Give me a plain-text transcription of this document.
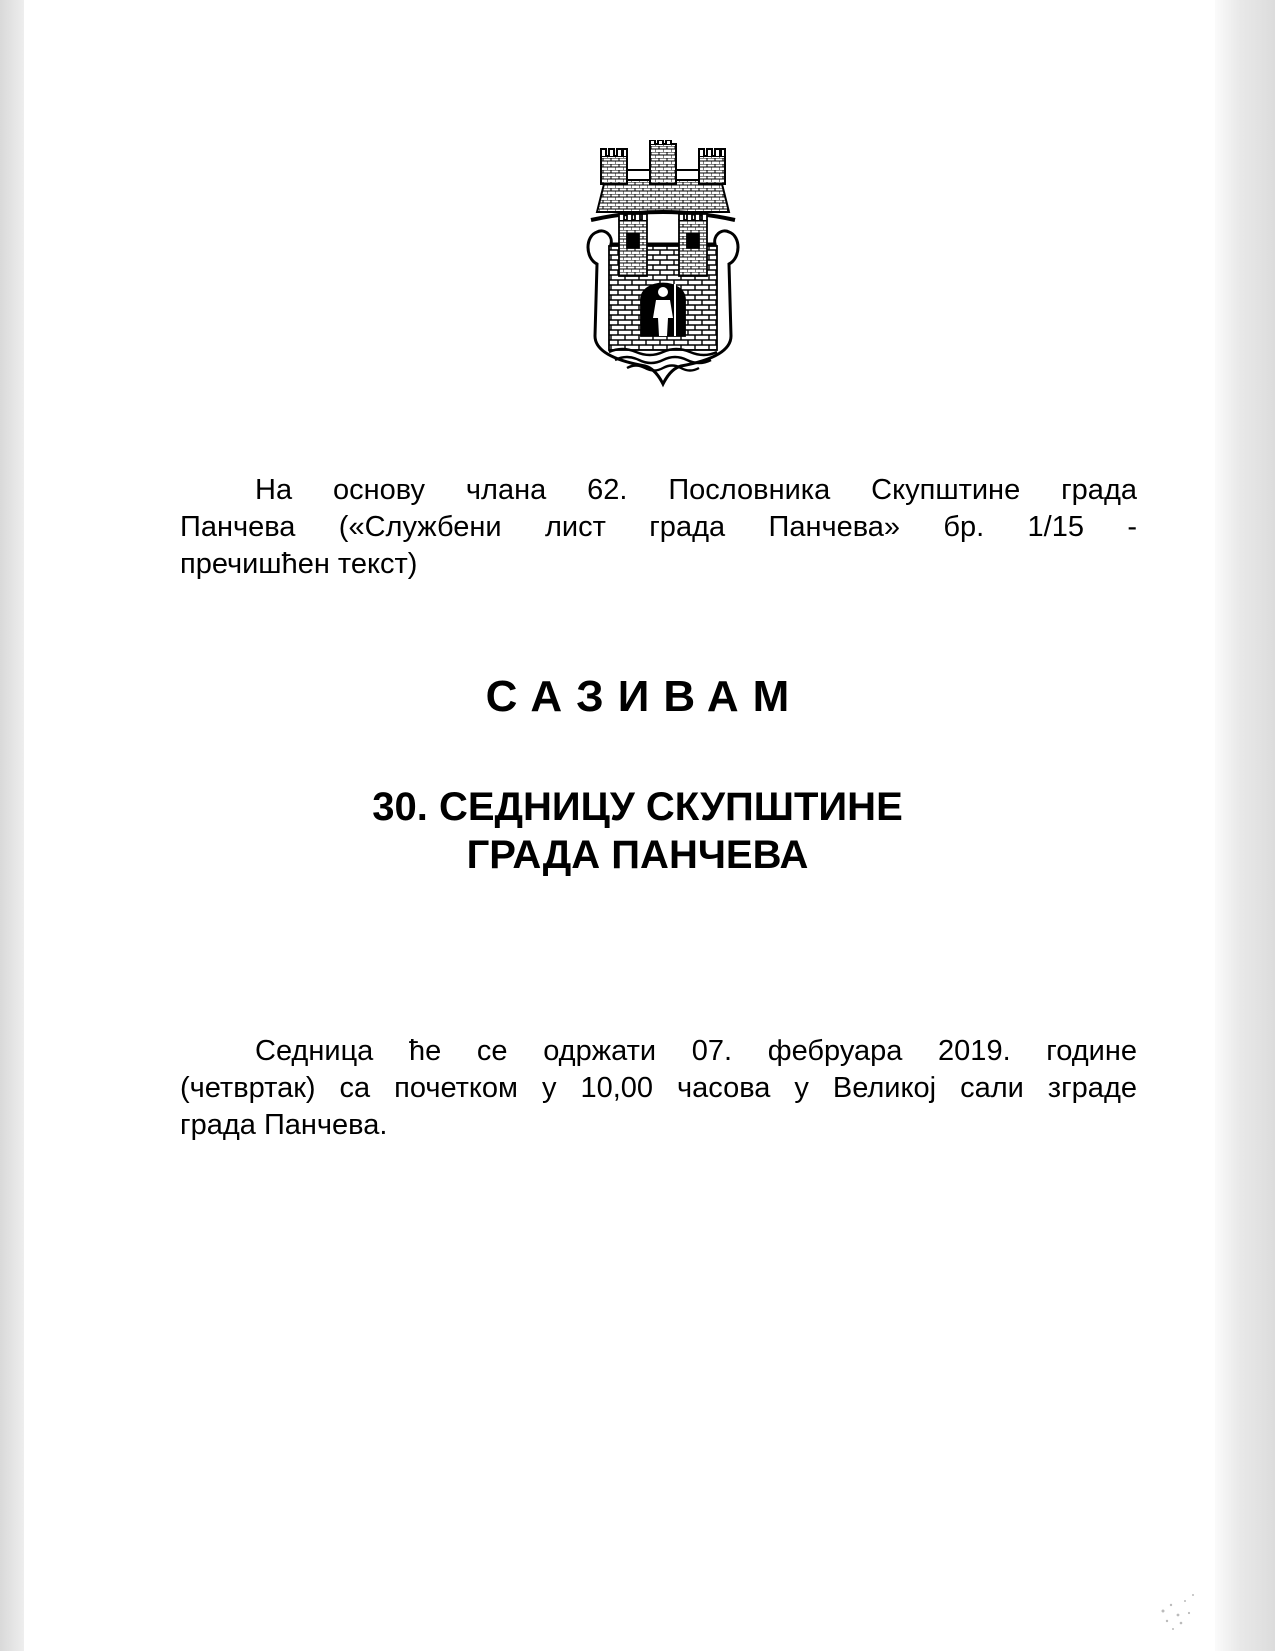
На основу члана 62. Пословника Скупштине града
Панчева («Службени лист града Панчева» бр. 1/15 -
пречишћен текст)

САЗИВАМ
30. СЕДНИЦУ СКУПШТИНЕ
ГРАДА ПАНЧЕВА

Седница ће се одржати 07. фебруара 2019. године
(четвртак) са почетком у 10,00 часова у Великој сали зграде
града Панчева.
